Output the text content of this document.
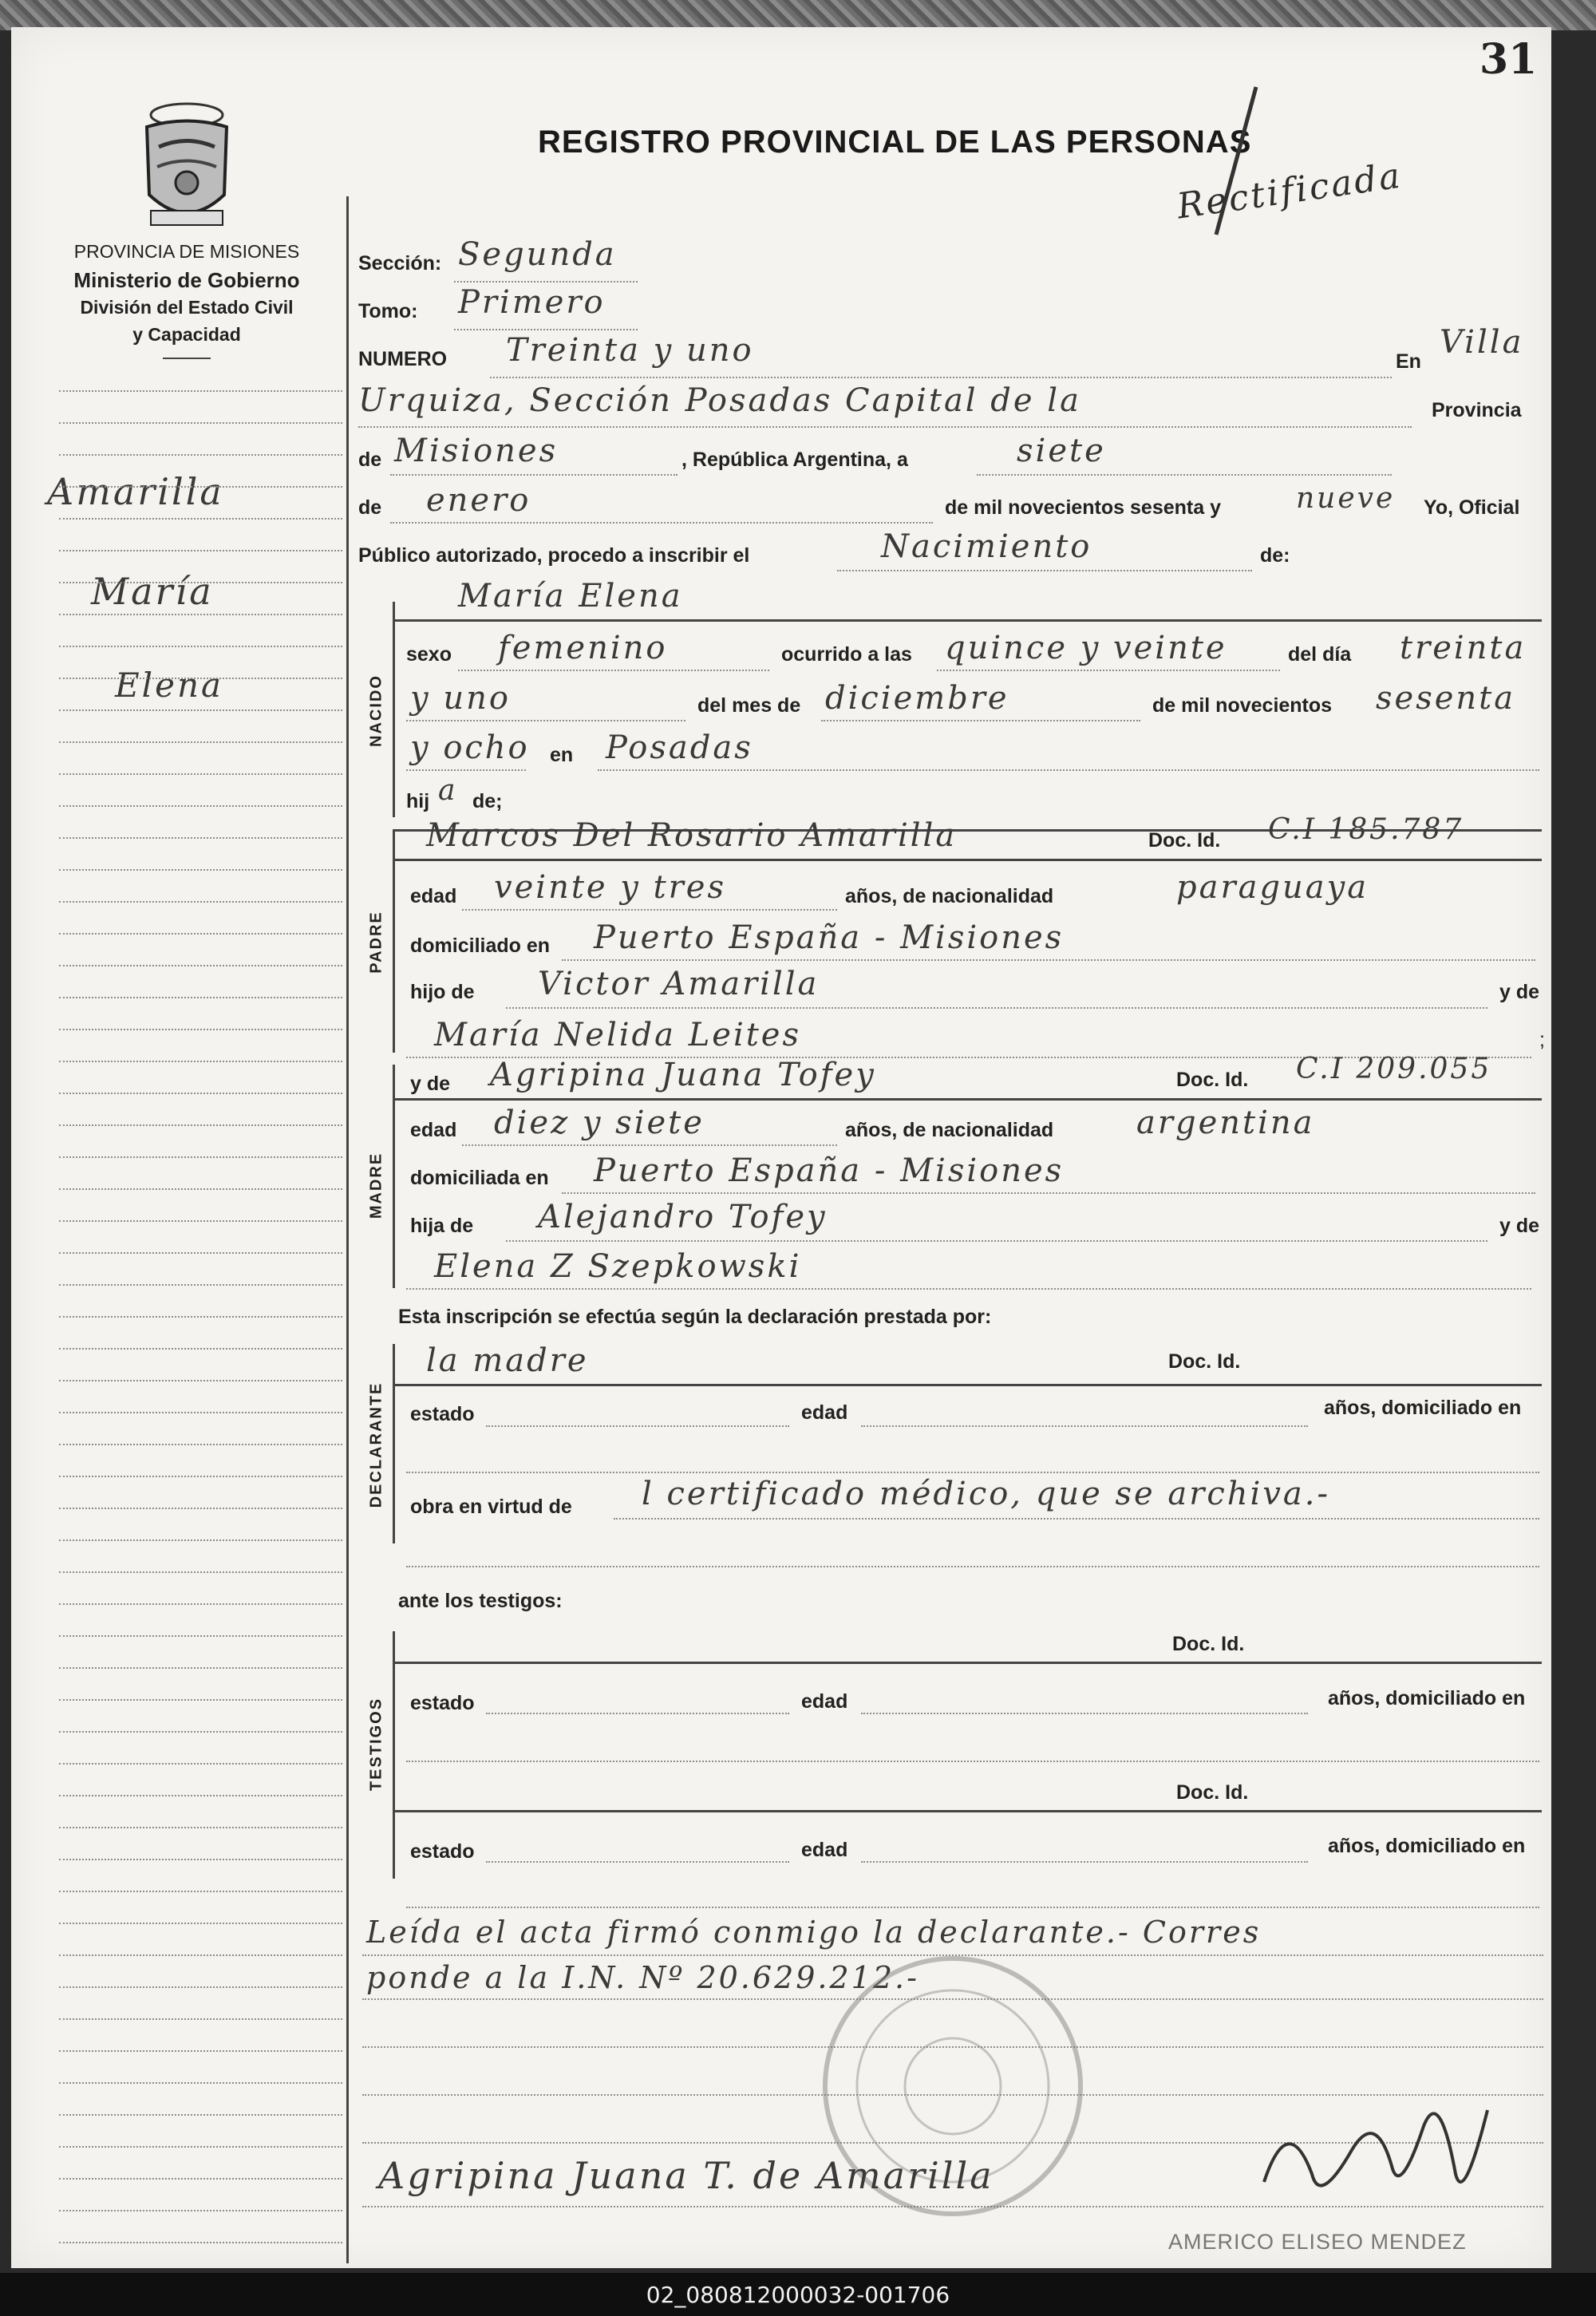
31
PROVINCIA DE MISIONES
Ministerio de Gobierno
División del Estado Civil
y Capacidad
Amarilla
María
Elena
REGISTRO PROVINCIAL DE LAS PERSONAS
Rectificada
Sección: Segunda
Tomo: Primero
NUMERO Treinta y uno	En
Villa
Urquiza, Sección Posadas Capital de la	Provincia
de Misiones	, República Argentina, a	siete
de enero	de mil novecientos sesenta y	nueve Yo, Oficial
Público autorizado, procedo a inscribir el	Nacimiento	de:
NACIDO
María Elena
sexo femenino	ocurrido a las quince y veinte	del día treinta
y uno	del mes de diciembre	de mil novecientos sesenta
y ocho en Posadas
hij a de;
PADRE
Marcos Del Rosario Amarilla	Doc. Id. C.I 185.787
edad veinte y tres	años, de nacionalidad	paraguaya
domiciliado en Puerto España - Misiones
hijo de Victor Amarilla	y de
María Nelida Leites	;
MADRE
y de Agripina Juana Tofey	Doc. Id. C.I 209.055
edad diez y siete	años, de nacionalidad	argentina
domiciliada en Puerto España - Misiones
hija de Alejandro Tofey	y de
Elena Z Szepkowski
Esta inscripción se efectúa según la declaración prestada por:
DECLARANTE
la madre	Doc. Id.
estado	edad	años, domiciliado en
obra en virtud de l certificado médico, que se archiva.-
ante los testigos:
TESTIGOS
Doc. Id.
estado	edad	años, domiciliado en
Doc. Id.
estado	edad	años, domiciliado en
Leída el acta firmó conmigo la declarante.- Corres
ponde a la I.N. Nº 20.629.212.-
Agripina Juana T. de Amarilla
AMERICO ELISEO MENDEZ
02_080812000032-001706
